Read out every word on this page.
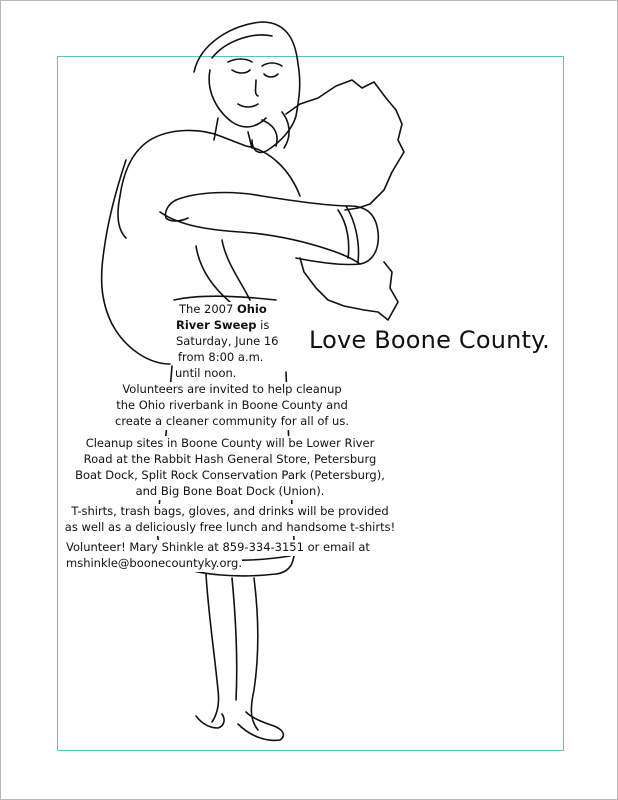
Love Boone County.
The 2007 Ohio
River Sweep is
Saturday, June 16
from 8:00 a.m.
until noon.
Volunteers are invited to help cleanup
the Ohio riverbank in Boone County and
create a cleaner community for all of us.
Cleanup sites in Boone County will be Lower River
Road at the Rabbit Hash General Store, Petersburg
Boat Dock, Split Rock Conservation Park (Petersburg),
and Big Bone Boat Dock (Union).
T-shirts, trash bags, gloves, and drinks will be provided
as well as a deliciously free lunch and handsome t-shirts!
Volunteer! Mary Shinkle at 859-334-3151 or email at
mshinkle@boonecountyky.org.
